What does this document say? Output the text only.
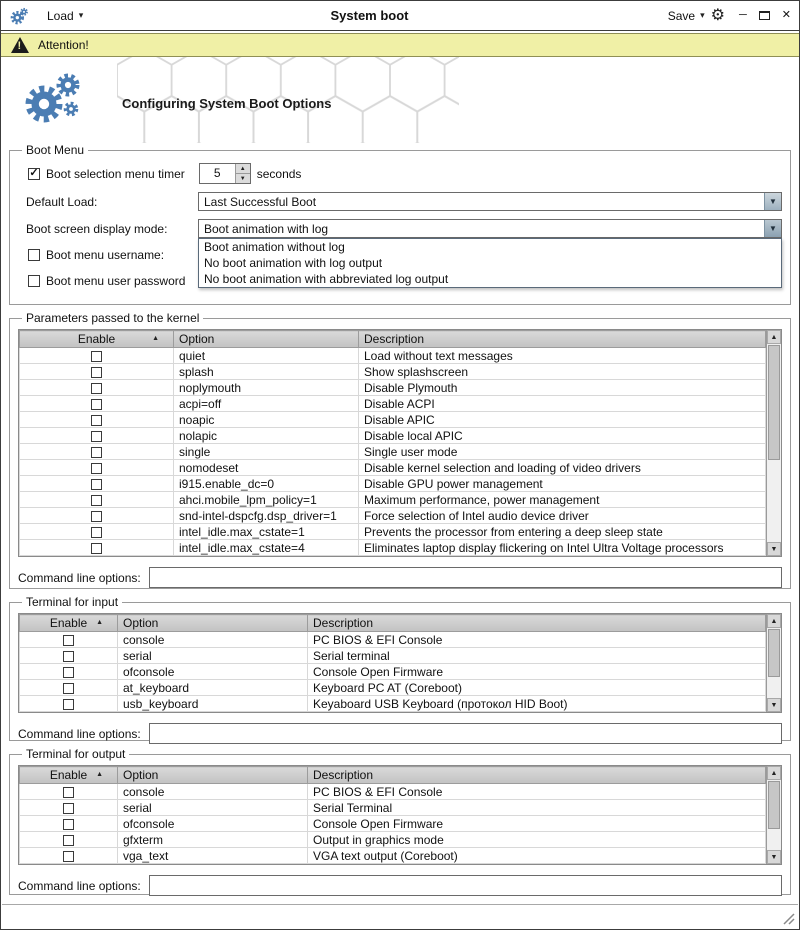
Load ▾	System boot	Save ▾ ⚙ ─	✕
! Attention!
Configuring System Boot Options
Boot Menu
✓ Boot selection menu timer	5	▲
▼ seconds
Default Load:	Last Successful Boot	▼
Boot screen display mode:	Boot animation with log	▼
Boot animation without log
No boot animation with log output
No boot animation with abbreviated log output
Boot menu username:
Boot menu user password
Parameters passed to the kernel
Enable ▲	Option	Description
	quiet	Load without text messages
	splash	Show splashscreen
	noplymouth	Disable Plymouth
	acpi=off	Disable ACPI
	noapic	Disable APIC
	nolapic	Disable local APIC
	single	Single user mode
	nomodeset	Disable kernel selection and loading of video drivers
	i915.enable_dc=0	Disable GPU power management
	ahci.mobile_lpm_policy=1	Maximum performance, power management
	snd-intel-dspcfg.dsp_driver=1	Force selection of Intel audio device driver
	intel_idle.max_cstate=1	Prevents the processor from entering a deep sleep state
	intel_idle.max_cstate=4	Eliminates laptop display flickering on Intel Ultra Voltage processors
▲
▼
Command line options:
Terminal for input
Enable ▲	Option	Description
	console	PC BIOS & EFI Console
	serial	Serial terminal
	ofconsole	Console Open Firmware
	at_keyboard	Keyboard PC AT (Coreboot)
	usb_keyboard	Keyaboard USB Keyboard (протокол HID Boot)
▲
▼
Command line options:
Terminal for output
Enable ▲	Option	Description
	console	PC BIOS & EFI Console
	serial	Serial Terminal
	ofconsole	Console Open Firmware
	gfxterm	Output in graphics mode
	vga_text	VGA text output (Coreboot)
▲
▼
Command line options:
